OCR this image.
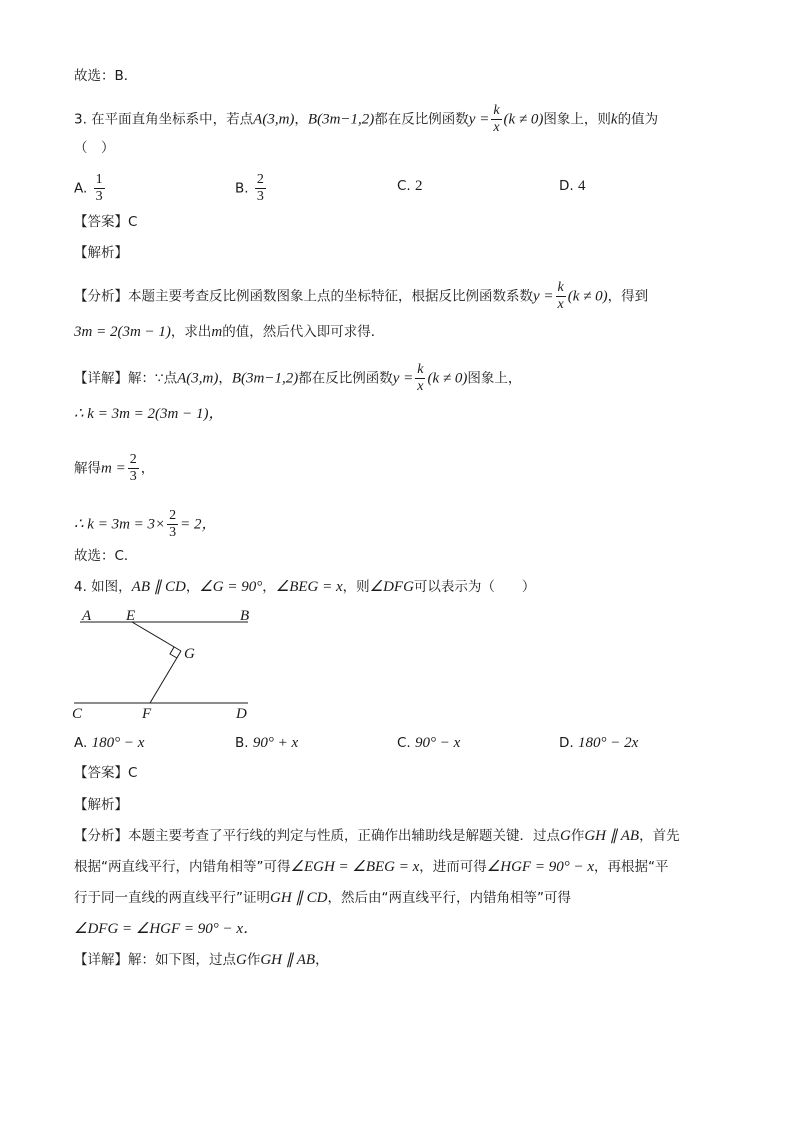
故选：B．
3. 在平面直角坐标系中，若点A(3,m)，B(3m−1,2)都在反比例函数$y = \frac{k}{x} (k \ne 0)$图象上，则k的值为
（　）
A. $\frac{1}{3}$	B. $\frac{2}{3}$	C. 2	D. 4
【答案】C
【解析】
【分析】本题主要考查反比例函数图象上点的坐标特征，根据反比例函数系数$y = \frac{k}{x} (k \ne 0)$，得到
3m = 2(3m − 1)，求出m的值，然后代入即可求得．
【详解】解：∵点A(3,m)，B(3m−1,2)都在反比例函数$y = \frac{k}{x} (k \ne 0)$图象上，
∴ k = 3m = 2(3m − 1)，
解得$m = \frac{2}{3}$ ，
∴ $k = 3m = 3\times \frac{2}{3} = 2$，
故选：C．
4. 如图，AB ∥ CD，∠G = 90°，∠BEG = x，则∠DFG可以表示为（　　）
A E	B
G
C	F	D
A. 180° − x	B. 90° + x	C. 90° − x	D. 180° − 2x
【答案】C
【解析】
【分析】本题主要考查了平行线的判定与性质，正确作出辅助线是解题关键．过点G作GH ∥ AB，首先
根据“两直线平行，内错角相等”可得∠EGH = ∠BEG = x，进而可得∠HGF = 90° − x，再根据“平
行于同一直线的两直线平行”证明GH ∥ CD，然后由“两直线平行，内错角相等”可得
∠DFG = ∠HGF = 90° − x．
【详解】解：如下图，过点G作GH ∥ AB，
